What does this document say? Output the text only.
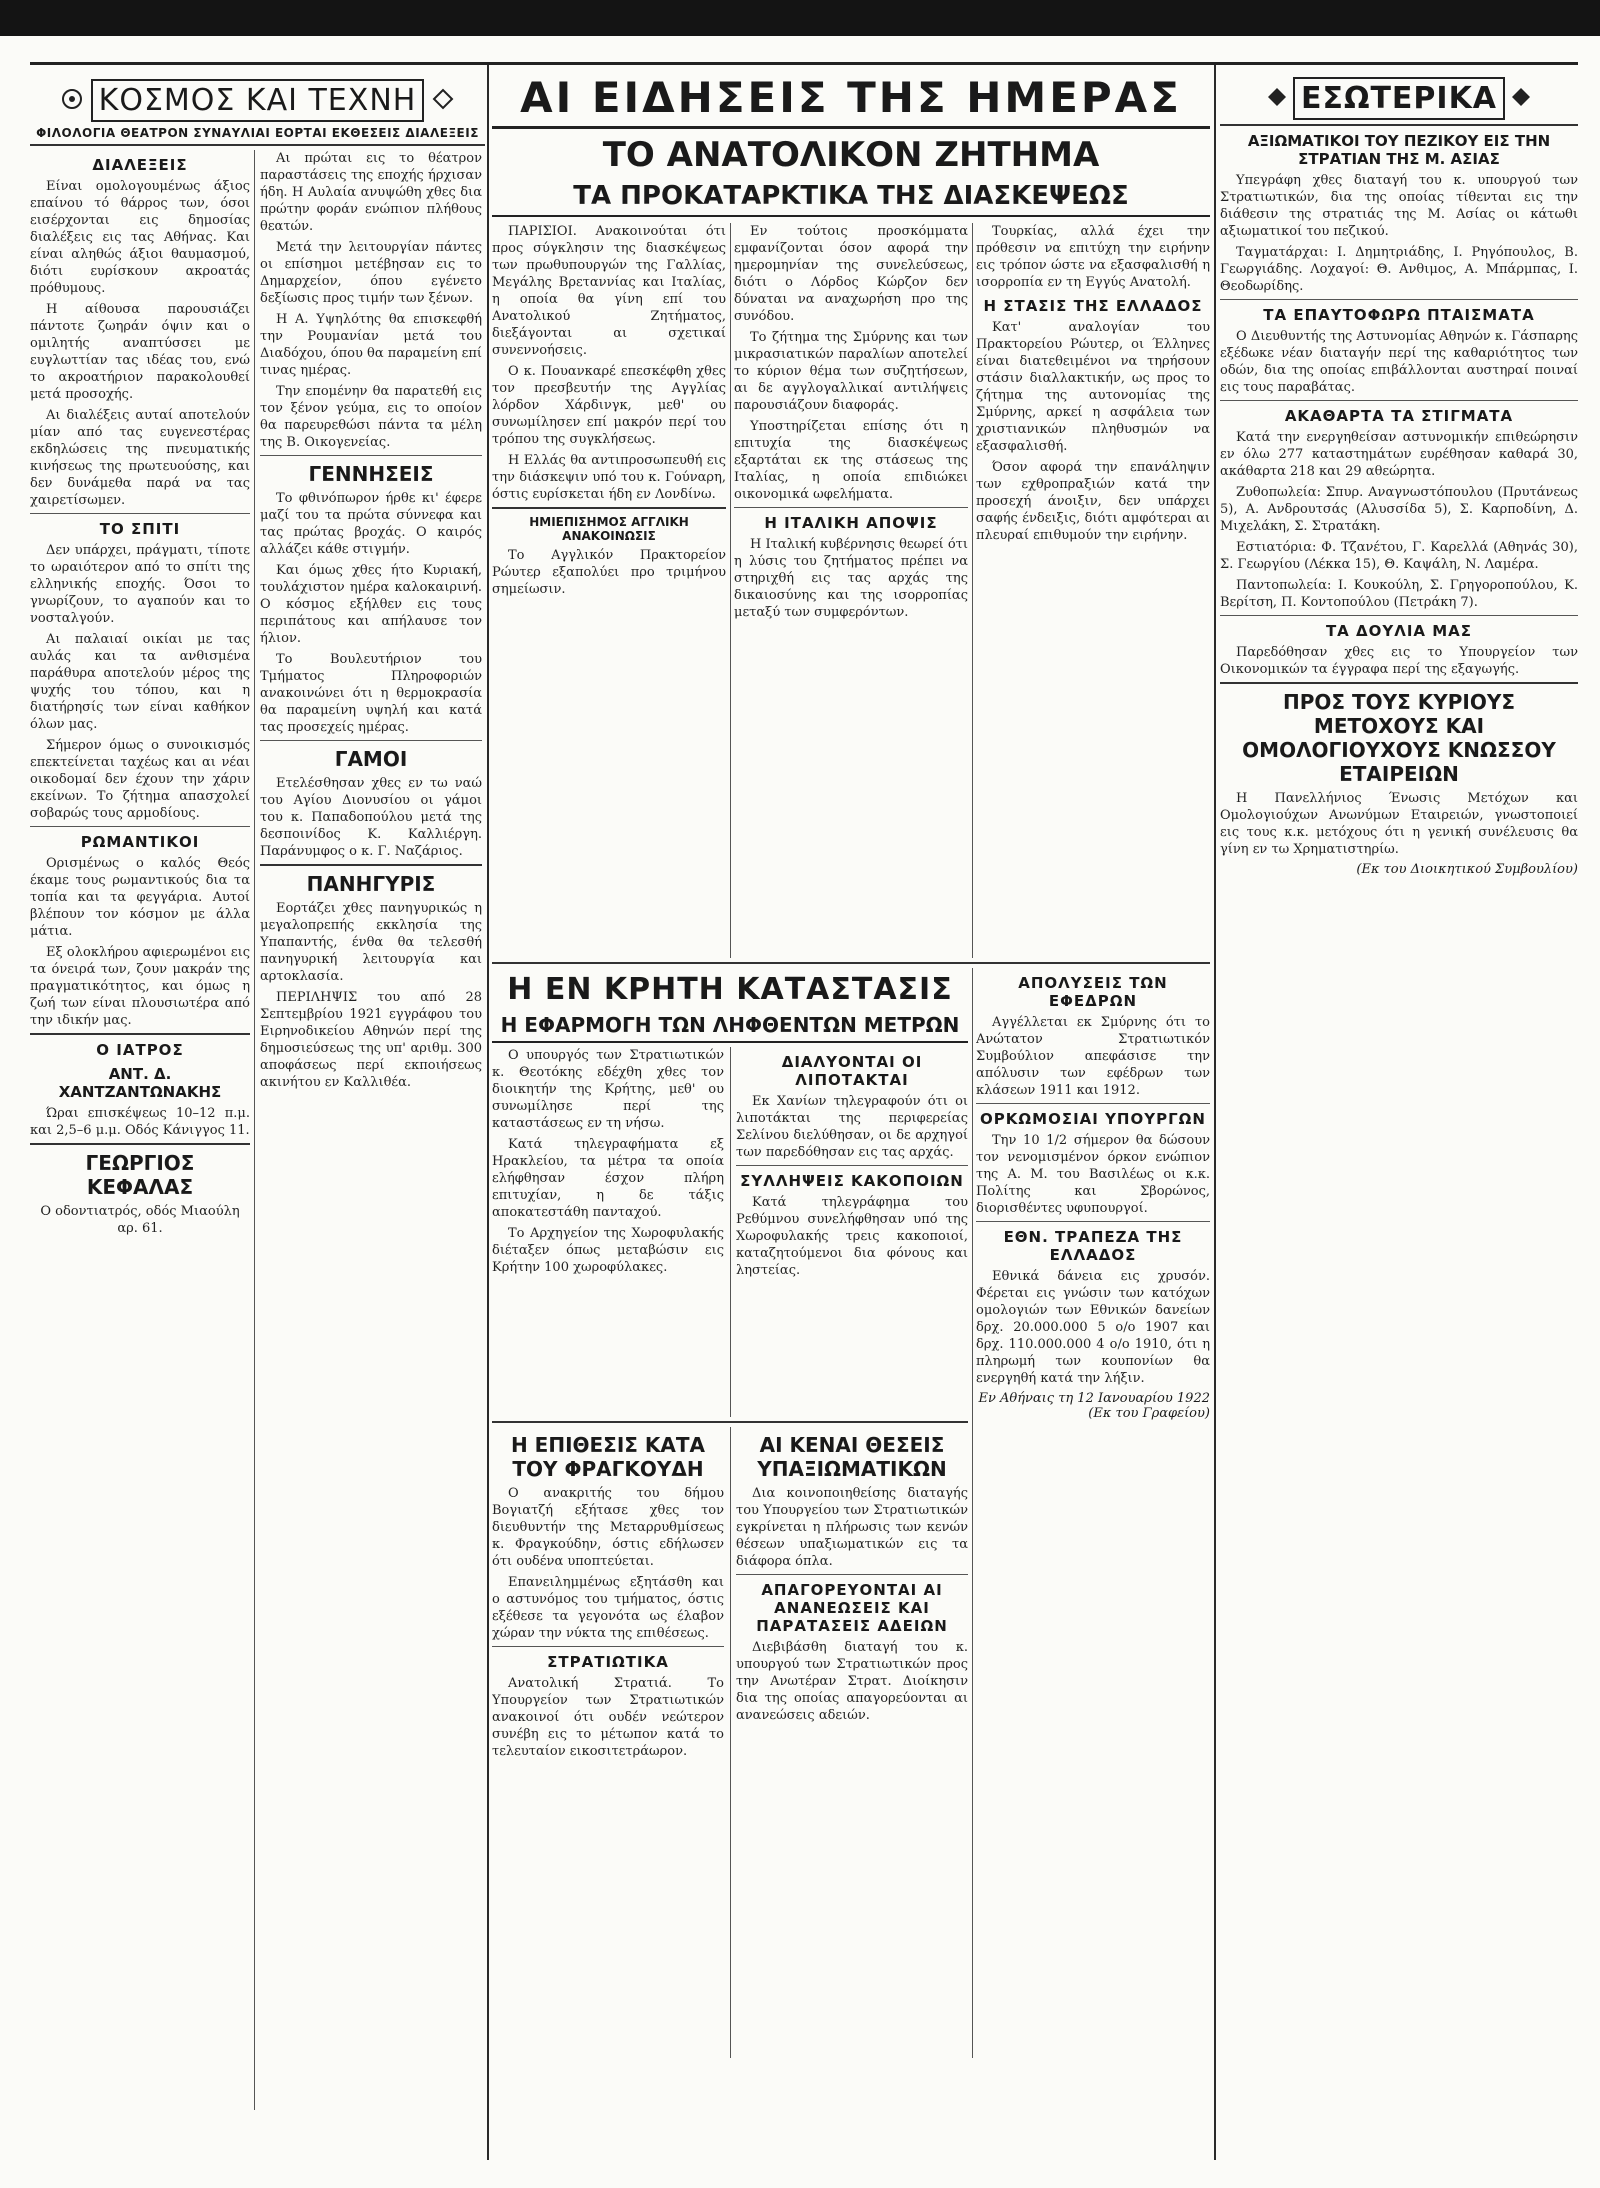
ΚΟΣΜΟΣ ΚΑΙ ΤΕΧΝΗ
ΦΙΛΟΛΟΓΙΑ ΘΕΑΤΡΟΝ ΣΥΝΑΥΛΙΑΙ ΕΟΡΤΑΙ ΕΚΘΕΣΕΙΣ ΔΙΑΛΕΞΕΙΣ
ΔΙΑΛΕΞΕΙΣ

Είναι ομολογουμένως άξιος επαίνου τό θάρρος των, όσοι εισέρχονται εις δημοσίας διαλέξεις εις τας Αθήνας. Και είναι αληθώς άξιοι θαυμασμού, διότι ευρίσκουν ακροατάς πρόθυμους.

Η αίθουσα παρουσιάζει πάντοτε ζωηράν όψιν και ο ομιλητής αναπτύσσει με ευγλωττίαν τας ιδέας του, ενώ το ακροατήριον παρακολουθεί μετά προσοχής.

Αι διαλέξεις αυταί αποτελούν μίαν από τας ευγενεστέρας εκδηλώσεις της πνευματικής κινήσεως της πρωτευούσης, και δεν δυνάμεθα παρά να τας χαιρετίσωμεν.

ΤΟ ΣΠΙΤΙ

Δεν υπάρχει, πράγματι, τίποτε το ωραιότερον από το σπίτι της ελληνικής εποχής. Όσοι το γνωρίζουν, το αγαπούν και το νοσταλγούν.

Αι παλαιαί οικίαι με τας αυλάς και τα ανθισμένα παράθυρα αποτελούν μέρος της ψυχής του τόπου, και η διατήρησίς των είναι καθήκον όλων μας.

Σήμερον όμως ο συνοικισμός επεκτείνεται ταχέως και αι νέαι οικοδομαί δεν έχουν την χάριν εκείνων. Το ζήτημα απασχολεί σοβαρώς τους αρμοδίους.

ΡΩΜΑΝΤΙΚΟΙ

Ορισμένως ο καλός Θεός έκαμε τους ρωμαντικούς δια τα τοπία και τα φεγγάρια. Αυτοί βλέπουν τον κόσμον με άλλα μάτια.

Εξ ολοκλήρου αφιερωμένοι εις τα όνειρά των, ζουν μακράν της πραγματικότητος, και όμως η ζωή των είναι πλουσιωτέρα από την ιδικήν μας.

Ο ΙΑΤΡΟΣ
ΑΝΤ. Δ. ΧΑΝΤΖΑΝΤΩΝΑΚΗΣ

Ώραι επισκέψεως 10–12 π.μ. και 2,5–6 μ.μ. Οδός Κάνιγγος 11.

ΓΕΩΡΓΙΟΣ ΚΕΦΑΛΑΣ

Ο οδοντιατρός, οδός Μιαούλη αρ. 61.

Αι πρώται εις το θέατρον παραστάσεις της εποχής ήρχισαν ήδη. Η Αυλαία ανυψώθη χθες δια πρώτην φοράν ενώπιον πλήθους θεατών.

Μετά την λειτουργίαν πάντες οι επίσημοι μετέβησαν εις το Δημαρχείον, όπου εγένετο δεξίωσις προς τιμήν των ξένων.

Η Α. Υψηλότης θα επισκεφθή την Ρουμανίαν μετά του Διαδόχου, όπου θα παραμείνη επί τινας ημέρας.

Την επομένην θα παρατεθή εις τον ξένον γεύμα, εις το οποίον θα παρευρεθώσι πάντα τα μέλη της Β. Οικογενείας.

ΓΕΝΝΗΣΕΙΣ

Το φθινόπωρον ήρθε κι' έφερε μαζί του τα πρώτα σύννεφα και τας πρώτας βροχάς. Ο καιρός αλλάζει κάθε στιγμήν.

Και όμως χθες ήτο Κυριακή, τουλάχιστον ημέρα καλοκαιρινή. Ο κόσμος εξήλθεν εις τους περιπάτους και απήλαυσε τον ήλιον.

Το Βουλευτήριον του Τμήματος Πληροφοριών ανακοινώνει ότι η θερμοκρασία θα παραμείνη υψηλή και κατά τας προσεχείς ημέρας.

ΓΑΜΟΙ

Ετελέσθησαν χθες εν τω ναώ του Αγίου Διονυσίου οι γάμοι του κ. Παπαδοπούλου μετά της δεσποινίδος Κ. Καλλιέργη. Παράνυμφος ο κ. Γ. Ναζάριος.

ΠΑΝΗΓΥΡΙΣ

Εορτάζει χθες πανηγυρικώς η μεγαλοπρεπής εκκλησία της Υπαπαντής, ένθα θα τελεσθή πανηγυρική λειτουργία και αρτοκλασία.

ΠΕΡΙΛΗΨΙΣ του από 28 Σεπτεμβρίου 1921 εγγράφου του Ειρηνοδικείου Αθηνών περί της δημοσιεύσεως της υπ' αριθμ. 300 αποφάσεως περί εκποιήσεως ακινήτου εν Καλλιθέα.

ΑΙ ΕΙΔΗΣΕΙΣ ΤΗΣ ΗΜΕΡΑΣ
ΤΟ ΑΝΑΤΟΛΙΚΟΝ ΖΗΤΗΜΑ
ΤΑ ΠΡΟΚΑΤΑΡΚΤΙΚΑ ΤΗΣ ΔΙΑΣΚΕΨΕΩΣ

ΠΑΡΙΣΙΟΙ. Ανακοινούται ότι προς σύγκλησιν της διασκέψεως των πρωθυπουργών της Γαλλίας, Μεγάλης Βρεταννίας και Ιταλίας, η οποία θα γίνη επί του Ανατολικού Ζητήματος, διεξάγονται αι σχετικαί συνεννοήσεις.

Ο κ. Πουανκαρέ επεσκέφθη χθες τον πρεσβευτήν της Αγγλίας λόρδον Χάρδινγκ, μεθ' ου συνωμίλησεν επί μακρόν περί του τρόπου της συγκλήσεως.

Η Ελλάς θα αντιπροσωπευθή εις την διάσκεψιν υπό του κ. Γούναρη, όστις ευρίσκεται ήδη εν Λονδίνω.

ΗΜΙΕΠΙΣΗΜΟΣ ΑΓΓΛΙΚΗ ΑΝΑΚΟΙΝΩΣΙΣ

Το Αγγλικόν Πρακτορείον Ρώυτερ εξαπολύει προ τριμήνου σημείωσιν.

Εν τούτοις προσκόμματα εμφανίζονται όσον αφορά την ημερομηνίαν της συνελεύσεως, διότι ο Λόρδος Κώρζον δεν δύναται να αναχωρήση προ της συνόδου.

Το ζήτημα της Σμύρνης και των μικρασιατικών παραλίων αποτελεί το κύριον θέμα των συζητήσεων, αι δε αγγλογαλλικαί αντιλήψεις παρουσιάζουν διαφοράς.

Υποστηρίζεται επίσης ότι η επιτυχία της διασκέψεως εξαρτάται εκ της στάσεως της Ιταλίας, η οποία επιδιώκει οικονομικά ωφελήματα.

Η ΙΤΑΛΙΚΗ ΑΠΟΨΙΣ

Η Ιταλική κυβέρνησις θεωρεί ότι η λύσις του ζητήματος πρέπει να στηριχθή εις τας αρχάς της δικαιοσύνης και της ισορροπίας μεταξύ των συμφερόντων.

Τουρκίας, αλλά έχει την πρόθεσιν να επιτύχη την ειρήνην εις τρόπον ώστε να εξασφαλισθή η ισορροπία εν τη Εγγύς Ανατολή.

Η ΣΤΑΣΙΣ ΤΗΣ ΕΛΛΑΔΟΣ

Κατ' αναλογίαν του Πρακτορείου Ρώυτερ, οι Έλληνες είναι διατεθειμένοι να τηρήσουν στάσιν διαλλακτικήν, ως προς το ζήτημα της αυτονομίας της Σμύρνης, αρκεί η ασφάλεια των χριστιανικών πληθυσμών να εξασφαλισθή.

Όσον αφορά την επανάληψιν των εχθροπραξιών κατά την προσεχή άνοιξιν, δεν υπάρχει σαφής ένδειξις, διότι αμφότεραι αι πλευραί επιθυμούν την ειρήνην.

Η ΕΝ ΚΡΗΤΗ ΚΑΤΑΣΤΑΣΙΣ
Η ΕΦΑΡΜΟΓΗ ΤΩΝ ΛΗΦΘΕΝΤΩΝ ΜΕΤΡΩΝ

Ο υπουργός των Στρατιωτικών κ. Θεοτόκης εδέχθη χθες τον διοικητήν της Κρήτης, μεθ' ου συνωμίλησε περί της καταστάσεως εν τη νήσω.

Κατά τηλεγραφήματα εξ Ηρακλείου, τα μέτρα τα οποία ελήφθησαν έσχον πλήρη επιτυχίαν, η δε τάξις αποκατεστάθη πανταχού.

Το Αρχηγείον της Χωροφυλακής διέταξεν όπως μεταβώσιν εις Κρήτην 100 χωροφύλακες.

ΔΙΑΛΥΟΝΤΑΙ ΟΙ ΛΙΠΟΤΑΚΤΑΙ

Εκ Χανίων τηλεγραφούν ότι οι λιποτάκται της περιφερείας Σελίνου διελύθησαν, οι δε αρχηγοί των παρεδόθησαν εις τας αρχάς.

ΣΥΛΛΗΨΕΙΣ ΚΑΚΟΠΟΙΩΝ

Κατά τηλεγράφημα του Ρεθύμνου συνελήφθησαν υπό της Χωροφυλακής τρεις κακοποιοί, καταζητούμενοι δια φόνους και ληστείας.

Η ΕΠΙΘΕΣΙΣ ΚΑΤΑ ΤΟΥ ΦΡΑΓΚΟΥΔΗ

Ο ανακριτής του δήμου Βογιατζή εξήτασε χθες τον διευθυντήν της Μεταρρυθμίσεως κ. Φραγκούδην, όστις εδήλωσεν ότι ουδένα υποπτεύεται.

Επανειλημμένως εξητάσθη και ο αστυνόμος του τμήματος, όστις εξέθεσε τα γεγονότα ως έλαβον χώραν την νύκτα της επιθέσεως.

ΣΤΡΑΤΙΩΤΙΚΑ

Ανατολική Στρατιά. Το Υπουργείον των Στρατιωτικών ανακοινοί ότι ουδέν νεώτερον συνέβη εις το μέτωπον κατά το τελευταίον εικοσιτετράωρον.

ΑΙ ΚΕΝΑΙ ΘΕΣΕΙΣ ΥΠΑΞΙΩΜΑΤΙΚΩΝ

Δια κοινοποιηθείσης διαταγής του Υπουργείου των Στρατιωτικών εγκρίνεται η πλήρωσις των κενών θέσεων υπαξιωματικών εις τα διάφορα όπλα.

ΑΠΑΓΟΡΕΥΟΝΤΑΙ ΑΙ ΑΝΑΝΕΩΣΕΙΣ ΚΑΙ ΠΑΡΑΤΑΣΕΙΣ ΑΔΕΙΩΝ

Διεβιβάσθη διαταγή του κ. υπουργού των Στρατιωτικών προς την Ανωτέραν Στρατ. Διοίκησιν δια της οποίας απαγορεύονται αι ανανεώσεις αδειών.

ΑΠΟΛΥΣΕΙΣ ΤΩΝ ΕΦΕΔΡΩΝ

Αγγέλλεται εκ Σμύρνης ότι το Ανώτατον Στρατιωτικόν Συμβούλιον απεφάσισε την απόλυσιν των εφέδρων των κλάσεων 1911 και 1912.

ΟΡΚΩΜΟΣΙΑΙ ΥΠΟΥΡΓΩΝ

Την 10 1/2 σήμερον θα δώσουν τον νενομισμένον όρκον ενώπιον της Α. Μ. του Βασιλέως οι κ.κ. Πολίτης και Σβορώνος, διορισθέντες υφυπουργοί.

ΕΘΝ. ΤΡΑΠΕΖΑ ΤΗΣ ΕΛΛΑΔΟΣ

Εθνικά δάνεια εις χρυσόν. Φέρεται εις γνώσιν των κατόχων ομολογιών των Εθνικών δανείων δρχ. 20.000.000 5 ο/ο 1907 και δρχ. 110.000.000 4 ο/ο 1910, ότι η πληρωμή των κουπονίων θα ενεργηθή κατά την λήξιν.

Εν Αθήναις τη 12 Ιανουαρίου 1922 (Εκ του Γραφείου)

ΕΣΩΤΕΡΙΚΑ
ΑΞΙΩΜΑΤΙΚΟΙ ΤΟΥ ΠΕΖΙΚΟΥ ΕΙΣ ΤΗΝ ΣΤΡΑΤΙΑΝ ΤΗΣ Μ. ΑΣΙΑΣ

Υπεγράφη χθες διαταγή του κ. υπουργού των Στρατιωτικών, δια της οποίας τίθενται εις την διάθεσιν της στρατιάς της Μ. Ασίας οι κάτωθι αξιωματικοί του πεζικού.

Ταγματάρχαι: Ι. Δημητριάδης, Ι. Ρηγόπουλος, Β. Γεωργιάδης. Λοχαγοί: Θ. Ανθιμος, Α. Μπάρμπας, Ι. Θεοδωρίδης.

ΤΑ ΕΠΑΥΤΟΦΩΡΩ ΠΤΑΙΣΜΑΤΑ

Ο Διευθυντής της Αστυνομίας Αθηνών κ. Γάσπαρης εξέδωκε νέαν διαταγήν περί της καθαριότητος των οδών, δια της οποίας επιβάλλονται αυστηραί ποιναί εις τους παραβάτας.

ΑΚΑΘΑΡΤΑ ΤΑ ΣΤΙΓΜΑΤΑ

Κατά την ενεργηθείσαν αστυνομικήν επιθεώρησιν εν όλω 277 καταστημάτων ευρέθησαν καθαρά 30, ακάθαρτα 218 και 29 αθεώρητα.

Ζυθοπωλεία: Σπυρ. Αναγνωστόπουλου (Πρυτάνεως 5), Α. Ανδρουτσάς (Αλυσσίδα 5), Σ. Καρποδίνη, Δ. Μιχελάκη, Σ. Στρατάκη.

Εστιατόρια: Φ. Τζανέτου, Γ. Καρελλά (Αθηνάς 30), Σ. Γεωργίου (Λέκκα 15), Θ. Καψάλη, Ν. Λαμέρα.

Παντοπωλεία: Ι. Κουκούλη, Σ. Γρηγοροπούλου, Κ. Βερίτση, Π. Κοντοπούλου (Πετράκη 7).

ΤΑ ΔΟΥΛΙΑ ΜΑΣ

Παρεδόθησαν χθες εις το Υπουργείον των Οικονομικών τα έγγραφα περί της εξαγωγής.

ΠΡΟΣ ΤΟΥΣ ΚΥΡΙΟΥΣ ΜΕΤΟΧΟΥΣ ΚΑΙ ΟΜΟΛΟΓΙΟΥΧΟΥΣ ΚΝΩΣΣΟΥ ΕΤΑΙΡΕΙΩΝ

Η Πανελλήνιος Ένωσις Μετόχων και Ομολογιούχων Ανωνύμων Εταιρειών, γνωστοποιεί εις τους κ.κ. μετόχους ότι η γενική συνέλευσις θα γίνη εν τω Χρηματιστηρίω.

(Εκ του Διοικητικού Συμβουλίου)
